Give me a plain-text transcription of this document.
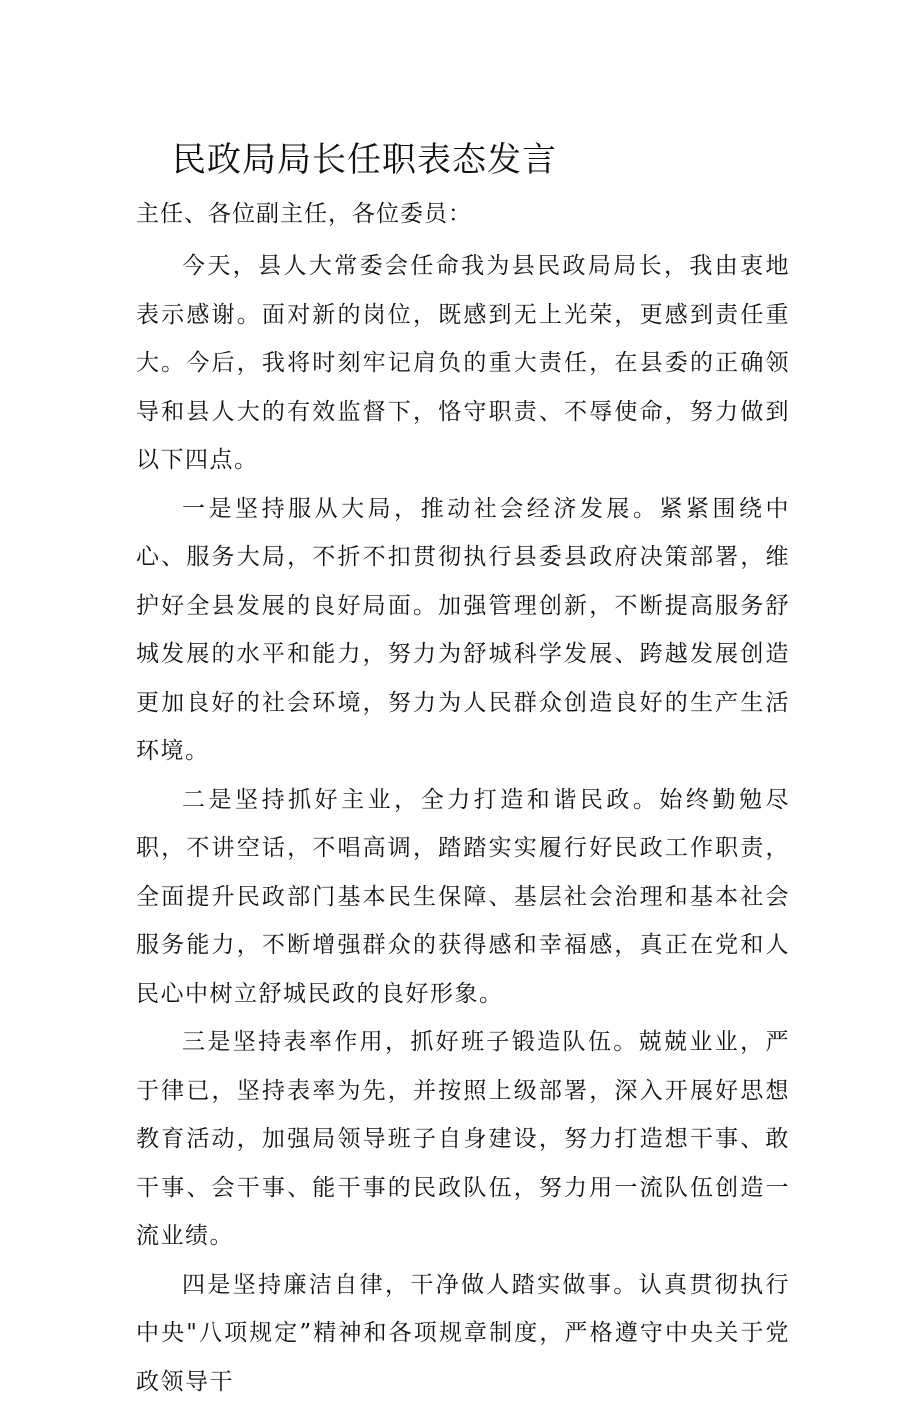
民政局局长任职表态发言

主任、各位副主任，各位委员：

今天，县人大常委会任命我为县民政局局长，我由衷地表示感谢。面对新的岗位，既感到无上光荣，更感到责任重大。今后，我将时刻牢记肩负的重大责任，在县委的正确领导和县人大的有效监督下，恪守职责、不辱使命，努力做到以下四点。

一是坚持服从大局，推动社会经济发展。紧紧围绕中心、服务大局，不折不扣贯彻执行县委县政府决策部署，维护好全县发展的良好局面。加强管理创新，不断提高服务舒城发展的水平和能力，努力为舒城科学发展、跨越发展创造更加良好的社会环境，努力为人民群众创造良好的生产生活环境。

二是坚持抓好主业，全力打造和谐民政。始终勤勉尽职，不讲空话，不唱高调，踏踏实实履行好民政工作职责，全面提升民政部门基本民生保障、基层社会治理和基本社会服务能力，不断增强群众的获得感和幸福感，真正在党和人民心中树立舒城民政的良好形象。

三是坚持表率作用，抓好班子锻造队伍。兢兢业业，严于律已，坚持表率为先，并按照上级部署，深入开展好思想教育活动，加强局领导班子自身建设，努力打造想干事、敢干事、会干事、能干事的民政队伍，努力用一流队伍创造一流业绩。

四是坚持廉洁自律，干净做人踏实做事。认真贯彻执行中央"八项规定”精神和各项规章制度，严格遵守中央关于党政领导干
